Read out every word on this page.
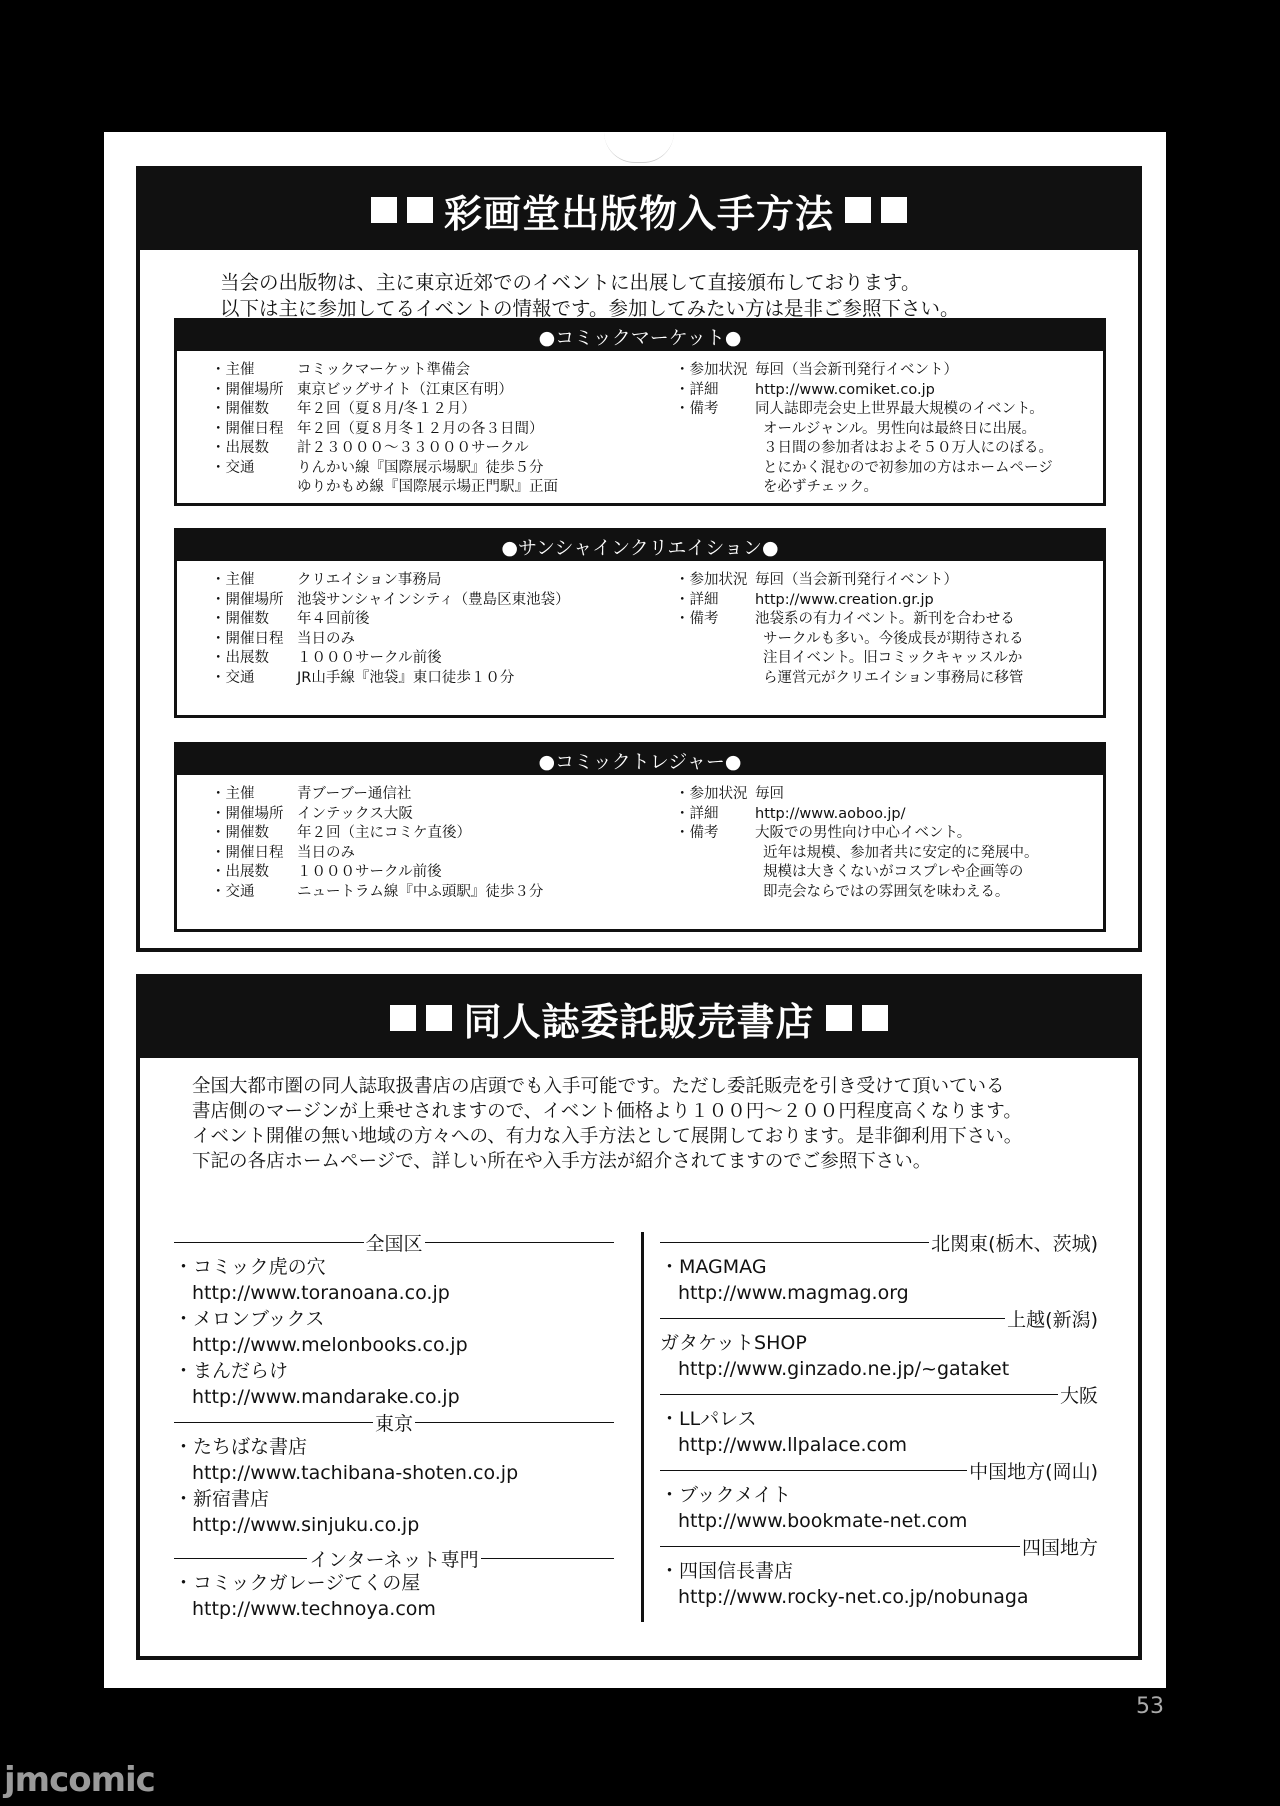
彩画堂出版物入手方法
当会の出版物は、主に東京近郊でのイベントに出展して直接頒布しております。
以下は主に参加してるイベントの情報です。参加してみたい方は是非ご参照下さい。
●コミックマーケット●
・主催	コミックマーケット準備会
・開催場所 東京ビッグサイト（江東区有明）
・開催数	年２回（夏８月/冬１２月）
・開催日程 年２回（夏８月冬１２月の各３日間）
・出展数	計２３０００～３３０００サークル
・交通	りんかい線『国際展示場駅』徒歩５分
ゆりかもめ線『国際展示場正門駅』正面
・参加状況 毎回（当会新刊発行イベント）
・詳細	http://www.comiket.co.jp
・備考	同人誌即売会史上世界最大規模のイベント。
オールジャンル。男性向は最終日に出展。
３日間の参加者はおよそ５０万人にのぼる。
とにかく混むので初参加の方はホームページ
を必ずチェック。
●サンシャインクリエイション●
・主催	クリエイション事務局
・開催場所 池袋サンシャインシティ（豊島区東池袋）
・開催数	年４回前後
・開催日程 当日のみ
・出展数	１０００サークル前後
・交通	JR山手線『池袋』東口徒歩１０分
・参加状況 毎回（当会新刊発行イベント）
・詳細	http://www.creation.gr.jp
・備考	池袋系の有力イベント。新刊を合わせる
サークルも多い。今後成長が期待される
注目イベント。旧コミックキャッスルか
ら運営元がクリエイション事務局に移管
●コミックトレジャー●
・主催	青ブーブー通信社
・開催場所 インテックス大阪
・開催数	年２回（主にコミケ直後）
・開催日程 当日のみ
・出展数	１０００サークル前後
・交通	ニュートラム線『中ふ頭駅』徒歩３分
・参加状況 毎回
・詳細	http://www.aoboo.jp/
・備考	大阪での男性向け中心イベント。
近年は規模、参加者共に安定的に発展中。
規模は大きくないがコスプレや企画等の
即売会ならではの雰囲気を味わえる。
同人誌委託販売書店
全国大都市圏の同人誌取扱書店の店頭でも入手可能です。ただし委託販売を引き受けて頂いている
書店側のマージンが上乗せされますので、イベント価格より１００円～２００円程度高くなります。
イベント開催の無い地域の方々への、有力な入手方法として展開しております。是非御利用下さい。
下記の各店ホームページで、詳しい所在や入手方法が紹介されてますのでご参照下さい。
全国区
・コミック虎の穴
http://www.toranoana.co.jp
・メロンブックス
http://www.melonbooks.co.jp
・まんだらけ
http://www.mandarake.co.jp
東京
・たちばな書店
http://www.tachibana-shoten.co.jp
・新宿書店
http://www.sinjuku.co.jp
インターネット専門
・コミックガレージてくの屋
http://www.technoya.com
北関東(栃木、茨城)
・MAGMAG
http://www.magmag.org
上越(新潟)
ガタケットSHOP
http://www.ginzado.ne.jp/~gataket
大阪
・LLパレス
http://www.llpalace.com
中国地方(岡山)
・ブックメイト
http://www.bookmate-net.com
四国地方
・四国信長書店
http://www.rocky-net.co.jp/nobunaga
53
jmcomic
